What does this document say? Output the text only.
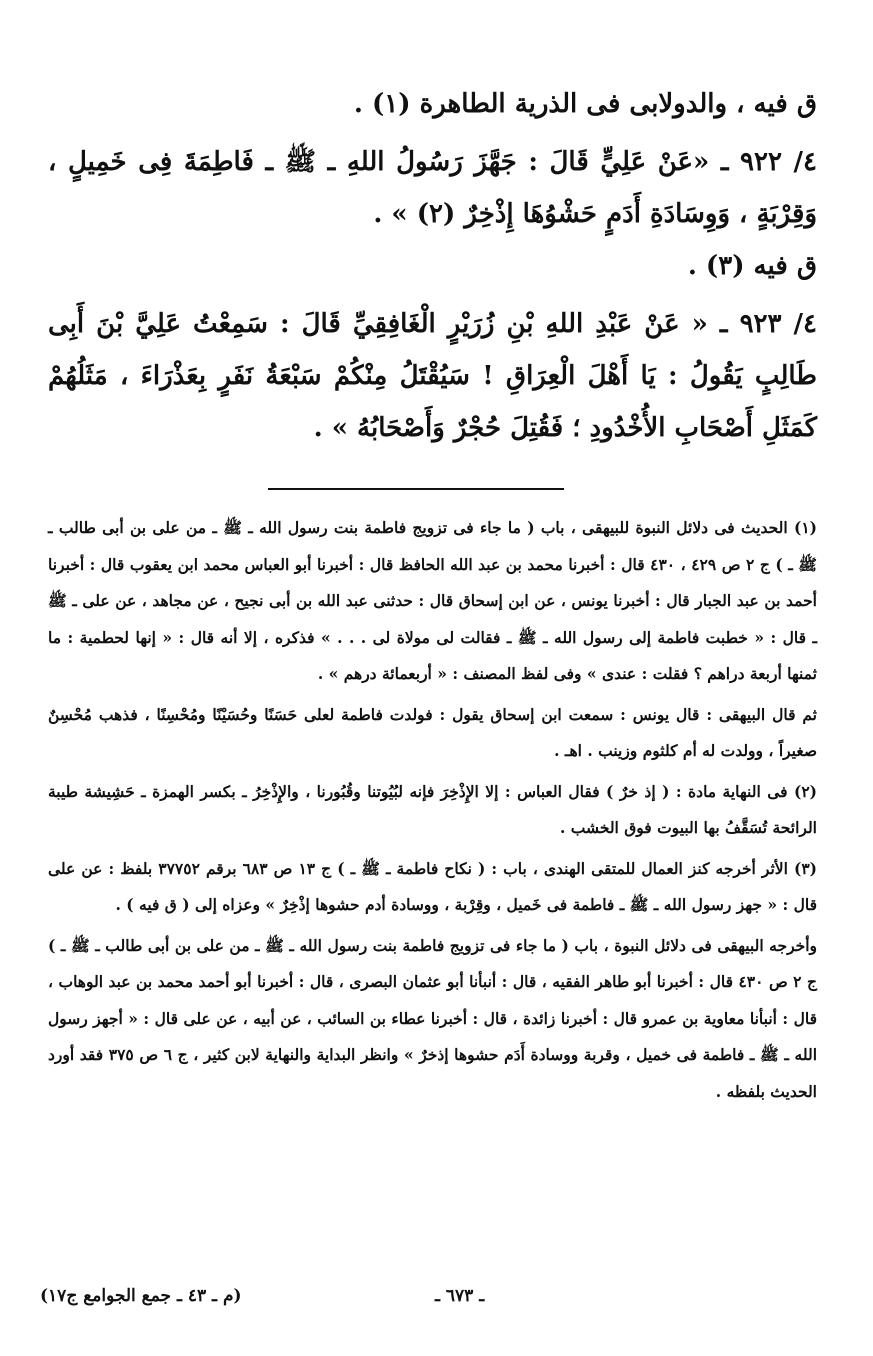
ق فيه ، والدولابى فى الذرية الطاهرة (١) .

٤/ ٩٢٢ ـ «عَنْ عَلِيٍّ قَالَ : جَهَّزَ رَسُولُ اللهِ ـ ﷺ ـ فَاطِمَةَ فِى خَمِيلٍ ، وَقِرْبَةٍ ، وَوِسَادَةِ أَدَمٍ حَشْوُهَا إِذْخِرٌ (٢) » .

ق فيه (٣) .

٤/ ٩٢٣ ـ « عَنْ عَبْدِ اللهِ بْنِ زُرَيْرٍ الْغَافِقِيِّ قَالَ : سَمِعْتُ عَلِيَّ بْنَ أَبِى طَالِبٍ يَقُولُ : يَا أَهْلَ الْعِرَاقِ ! سَيُقْتَلُ مِنْكُمْ سَبْعَةُ نَفَرٍ بِعَذْرَاءَ ، مَثَلُهُمْ كَمَثَلِ أَصْحَابِ الأُخْدُودِ ؛ فَقُتِلَ حُجْرٌ وَأَصْحَابُهُ » .

(١) الحديث فى دلائل النبوة للبيهقى ، باب ( ما جاء فى تزويج فاطمة بنت رسول الله ـ ﷺ ـ من على بن أبى طالب ـ ﷺ ـ ) ج ٢ ص ٤٢٩ ، ٤٣٠ قال : أخبرنا محمد بن عبد الله الحافظ قال : أخبرنا أبو العباس محمد ابن يعقوب قال : أخبرنا أحمد بن عبد الجبار قال : أخبرنا يونس ، عن ابن إسحاق قال : حدثنى عبد الله بن أبى نجيح ، عن مجاهد ، عن على ـ ﷺ ـ قال : « خطبت فاطمة إلى رسول الله ـ ﷺ ـ فقالت لى مولاة لى . . . » فذكره ، إلا أنه قال : « إنها لحطمية : ما ثمنها أربعة دراهم ؟ فقلت : عندى » وفى لفظ المصنف : « أربعمائة درهم » .

ثم قال البيهقى : قال يونس : سمعت ابن إسحاق يقول : فولدت فاطمة لعلى حَسَنًا وحُسَيْنًا ومُحْسِنًا ، فذهب مُحْسِنٌ صغيراً ، وولدت له أم كلثوم وزينب . اهـ .

(٢) فى النهاية مادة : ( إذ خرٌ ) فقال العباس : إلا الإِذْخِرَ فإنه لبُيُوتنا وقُبُورنا ، والإِذْخِرُ ـ بكسر الهمزة ـ حَشِيشة طيبة الرائحة تُسَقَّفُ بها البيوت فوق الخشب .

(٣) الأثر أخرجه كنز العمال للمتقى الهندى ، باب : ( نكاح فاطمة ـ ﷺ ـ ) ج ١٣ ص ٦٨٣ برقم ٣٧٧٥٢ بلفظ : عن على قال : « جهز رسول الله ـ ﷺ ـ فاطمة فى خَميل ، وقِرْبة ، ووسادة أدم حشوها إذْخِرٌ » وعزاه إلى ( ق فيه ) .

وأخرجه البيهقى فى دلائل النبوة ، باب ( ما جاء فى تزويج فاطمة بنت رسول الله ـ ﷺ ـ من على بن أبى طالب ـ ﷺ ـ ) ج ٢ ص ٤٣٠ قال : أخبرنا أبو طاهر الفقيه ، قال : أنبأنا أبو عثمان البصرى ، قال : أخبرنا أبو أحمد محمد بن عبد الوهاب ، قال : أنبأنا معاوية بن عمرو قال : أخبرنا زائدة ، قال : أخبرنا عطاء بن السائب ، عن أبيه ، عن على قال : « أجهز رسول الله ـ ﷺ ـ فاطمة فى خميل ، وقربة ووسادة أَدَم حشوها إذخرٌ » وانظر البداية والنهاية لابن كثير ، ج ٦ ص ٣٧٥ فقد أورد الحديث بلفظه .

(م ـ ٤٣ ـ جمع الجوامع ج١٧)	ـ ٦٧٣ ـ
